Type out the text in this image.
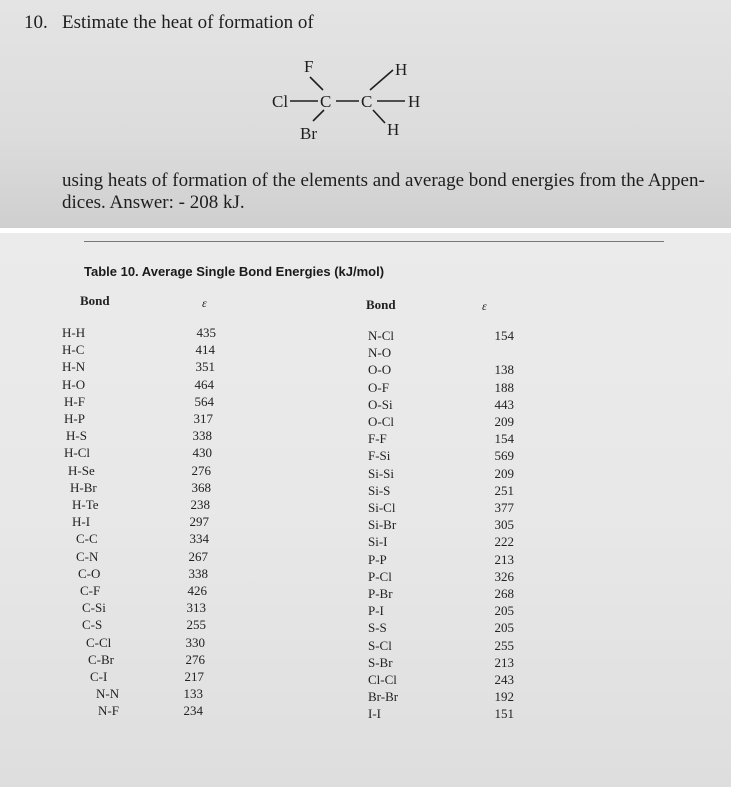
10. Estimate the heat of formation of
F
Cl C C
H
H
H
Br
using heats of formation of the elements and average bond energies from the Appen-
dices. Answer: - 208 kJ.
Table 10. Average Single Bond Energies (kJ/mol)
Bond	ε	Bond	ε
H-H	435
H-C	414
H-N	351
H-O	464
H-F	564
H-P	317
H-S	338
H-Cl	430
H-Se	276
H-Br	368
H-Te	238
H-I	297
C-C	334
C-N	267
C-O	338
C-F	426
C-Si	313
C-S	255
C-Cl	330
C-Br	276
C-I	217
N-N	133
N-F	234
N-Cl	154
N-O
O-O	138
O-F	188
O-Si	443
O-Cl	209
F-F	154
F-Si	569
Si-Si	209
Si-S	251
Si-Cl	377
Si-Br	305
Si-I	222
P-P	213
P-Cl	326
P-Br	268
P-I	205
S-S	205
S-Cl	255
S-Br	213
Cl-Cl	243
Br-Br	192
I-I	151
